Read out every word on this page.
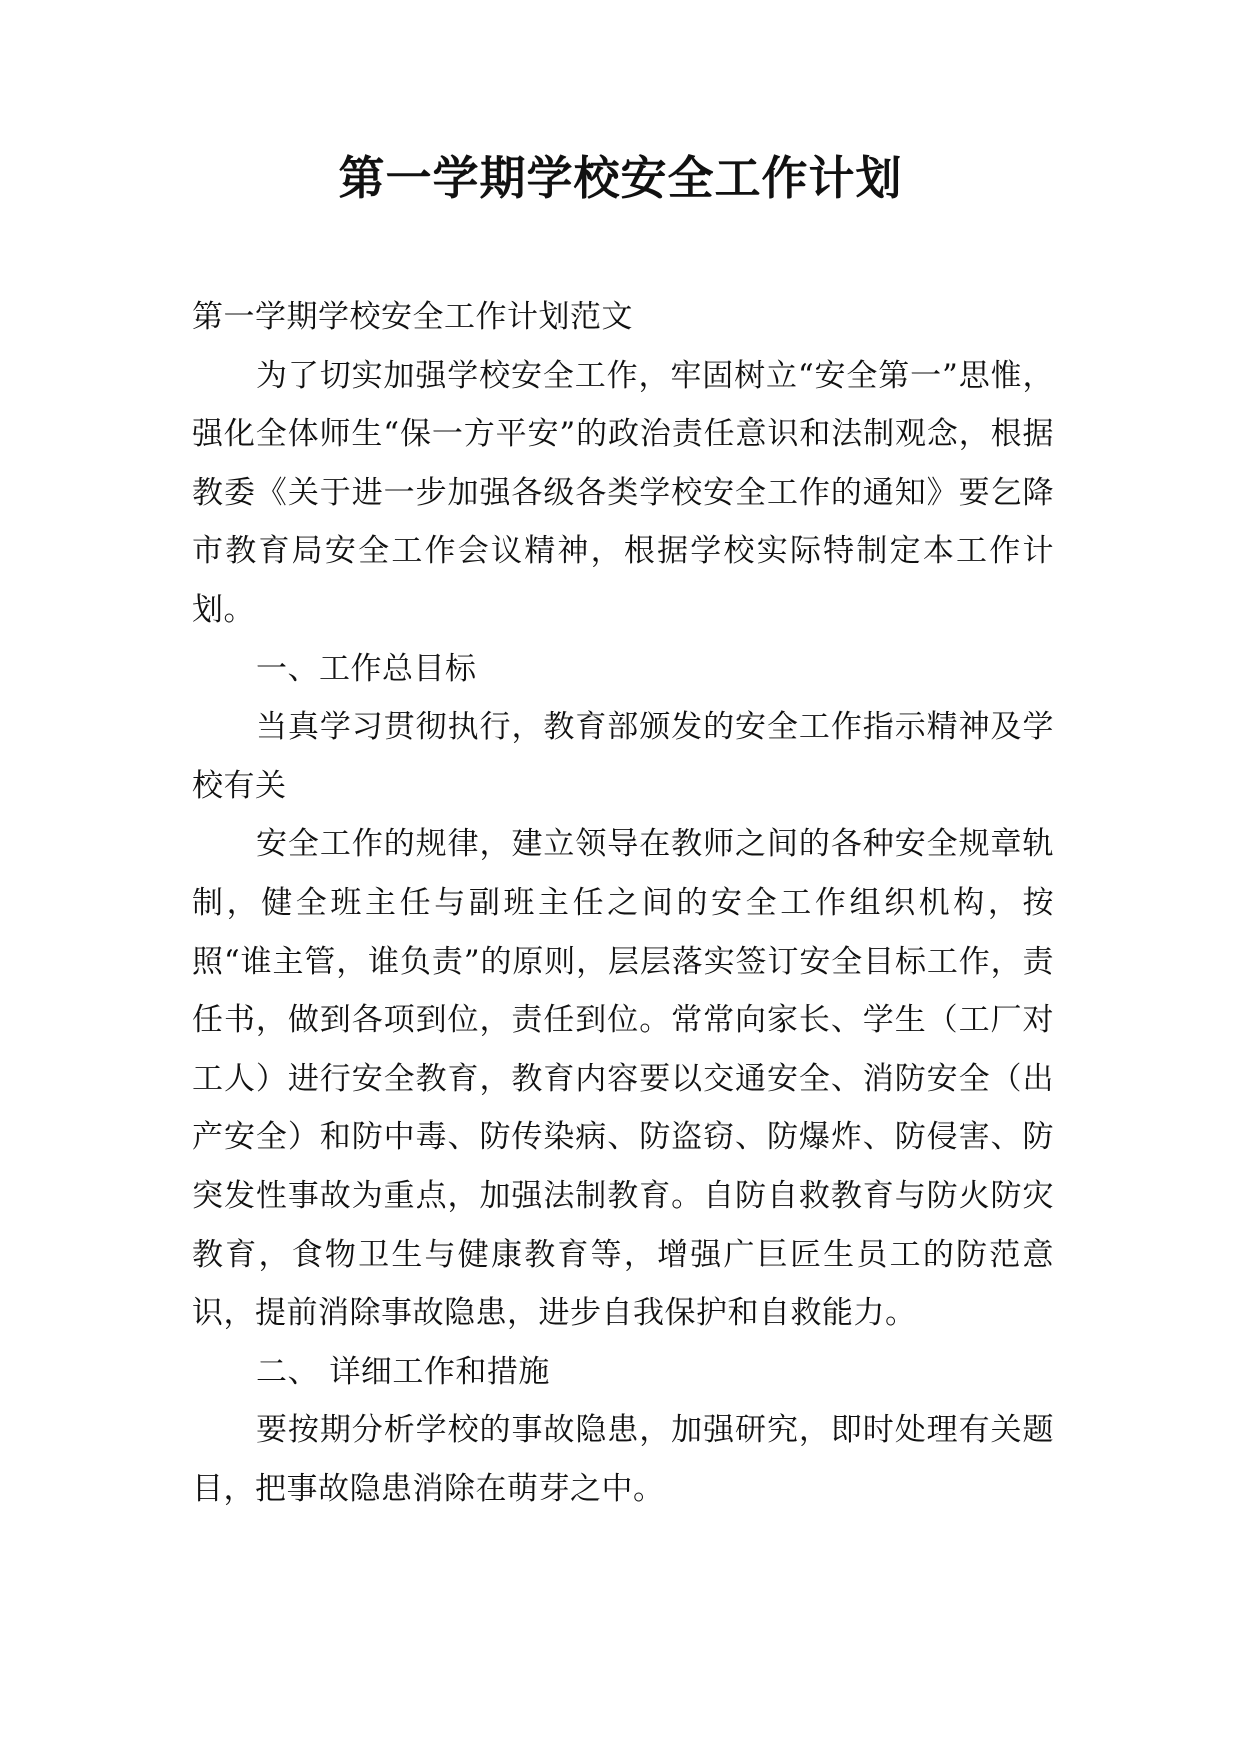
第一学期学校安全工作计划

第一学期学校安全工作计划范文

为了切实加强学校安全工作，牢固树立“安全第一”思惟，强化全体师生“保一方平安”的政治责任意识和法制观念，根据教委《关于进一步加强各级各类学校安全工作的通知》要乞降市教育局安全工作会议精神，根据学校实际特制定本工作计划。

一、工作总目标

当真学习贯彻执行，教育部颁发的安全工作指示精神及学校有关

安全工作的规律，建立领导在教师之间的各种安全规章轨制，健全班主任与副班主任之间的安全工作组织机构，按照“谁主管，谁负责”的原则，层层落实签订安全目标工作，责任书，做到各项到位，责任到位。常常向家长、学生（工厂对工人）进行安全教育，教育内容要以交通安全、消防安全（出产安全）和防中毒、防传染病、防盗窃、防爆炸、防侵害、防突发性事故为重点，加强法制教育。自防自救教育与防火防灾教育，食物卫生与健康教育等，增强广巨匠生员工的防范意识，提前消除事故隐患，进步自我保护和自救能力。

二、 详细工作和措施

要按期分析学校的事故隐患，加强研究，即时处理有关题目，把事故隐患消除在萌芽之中。
